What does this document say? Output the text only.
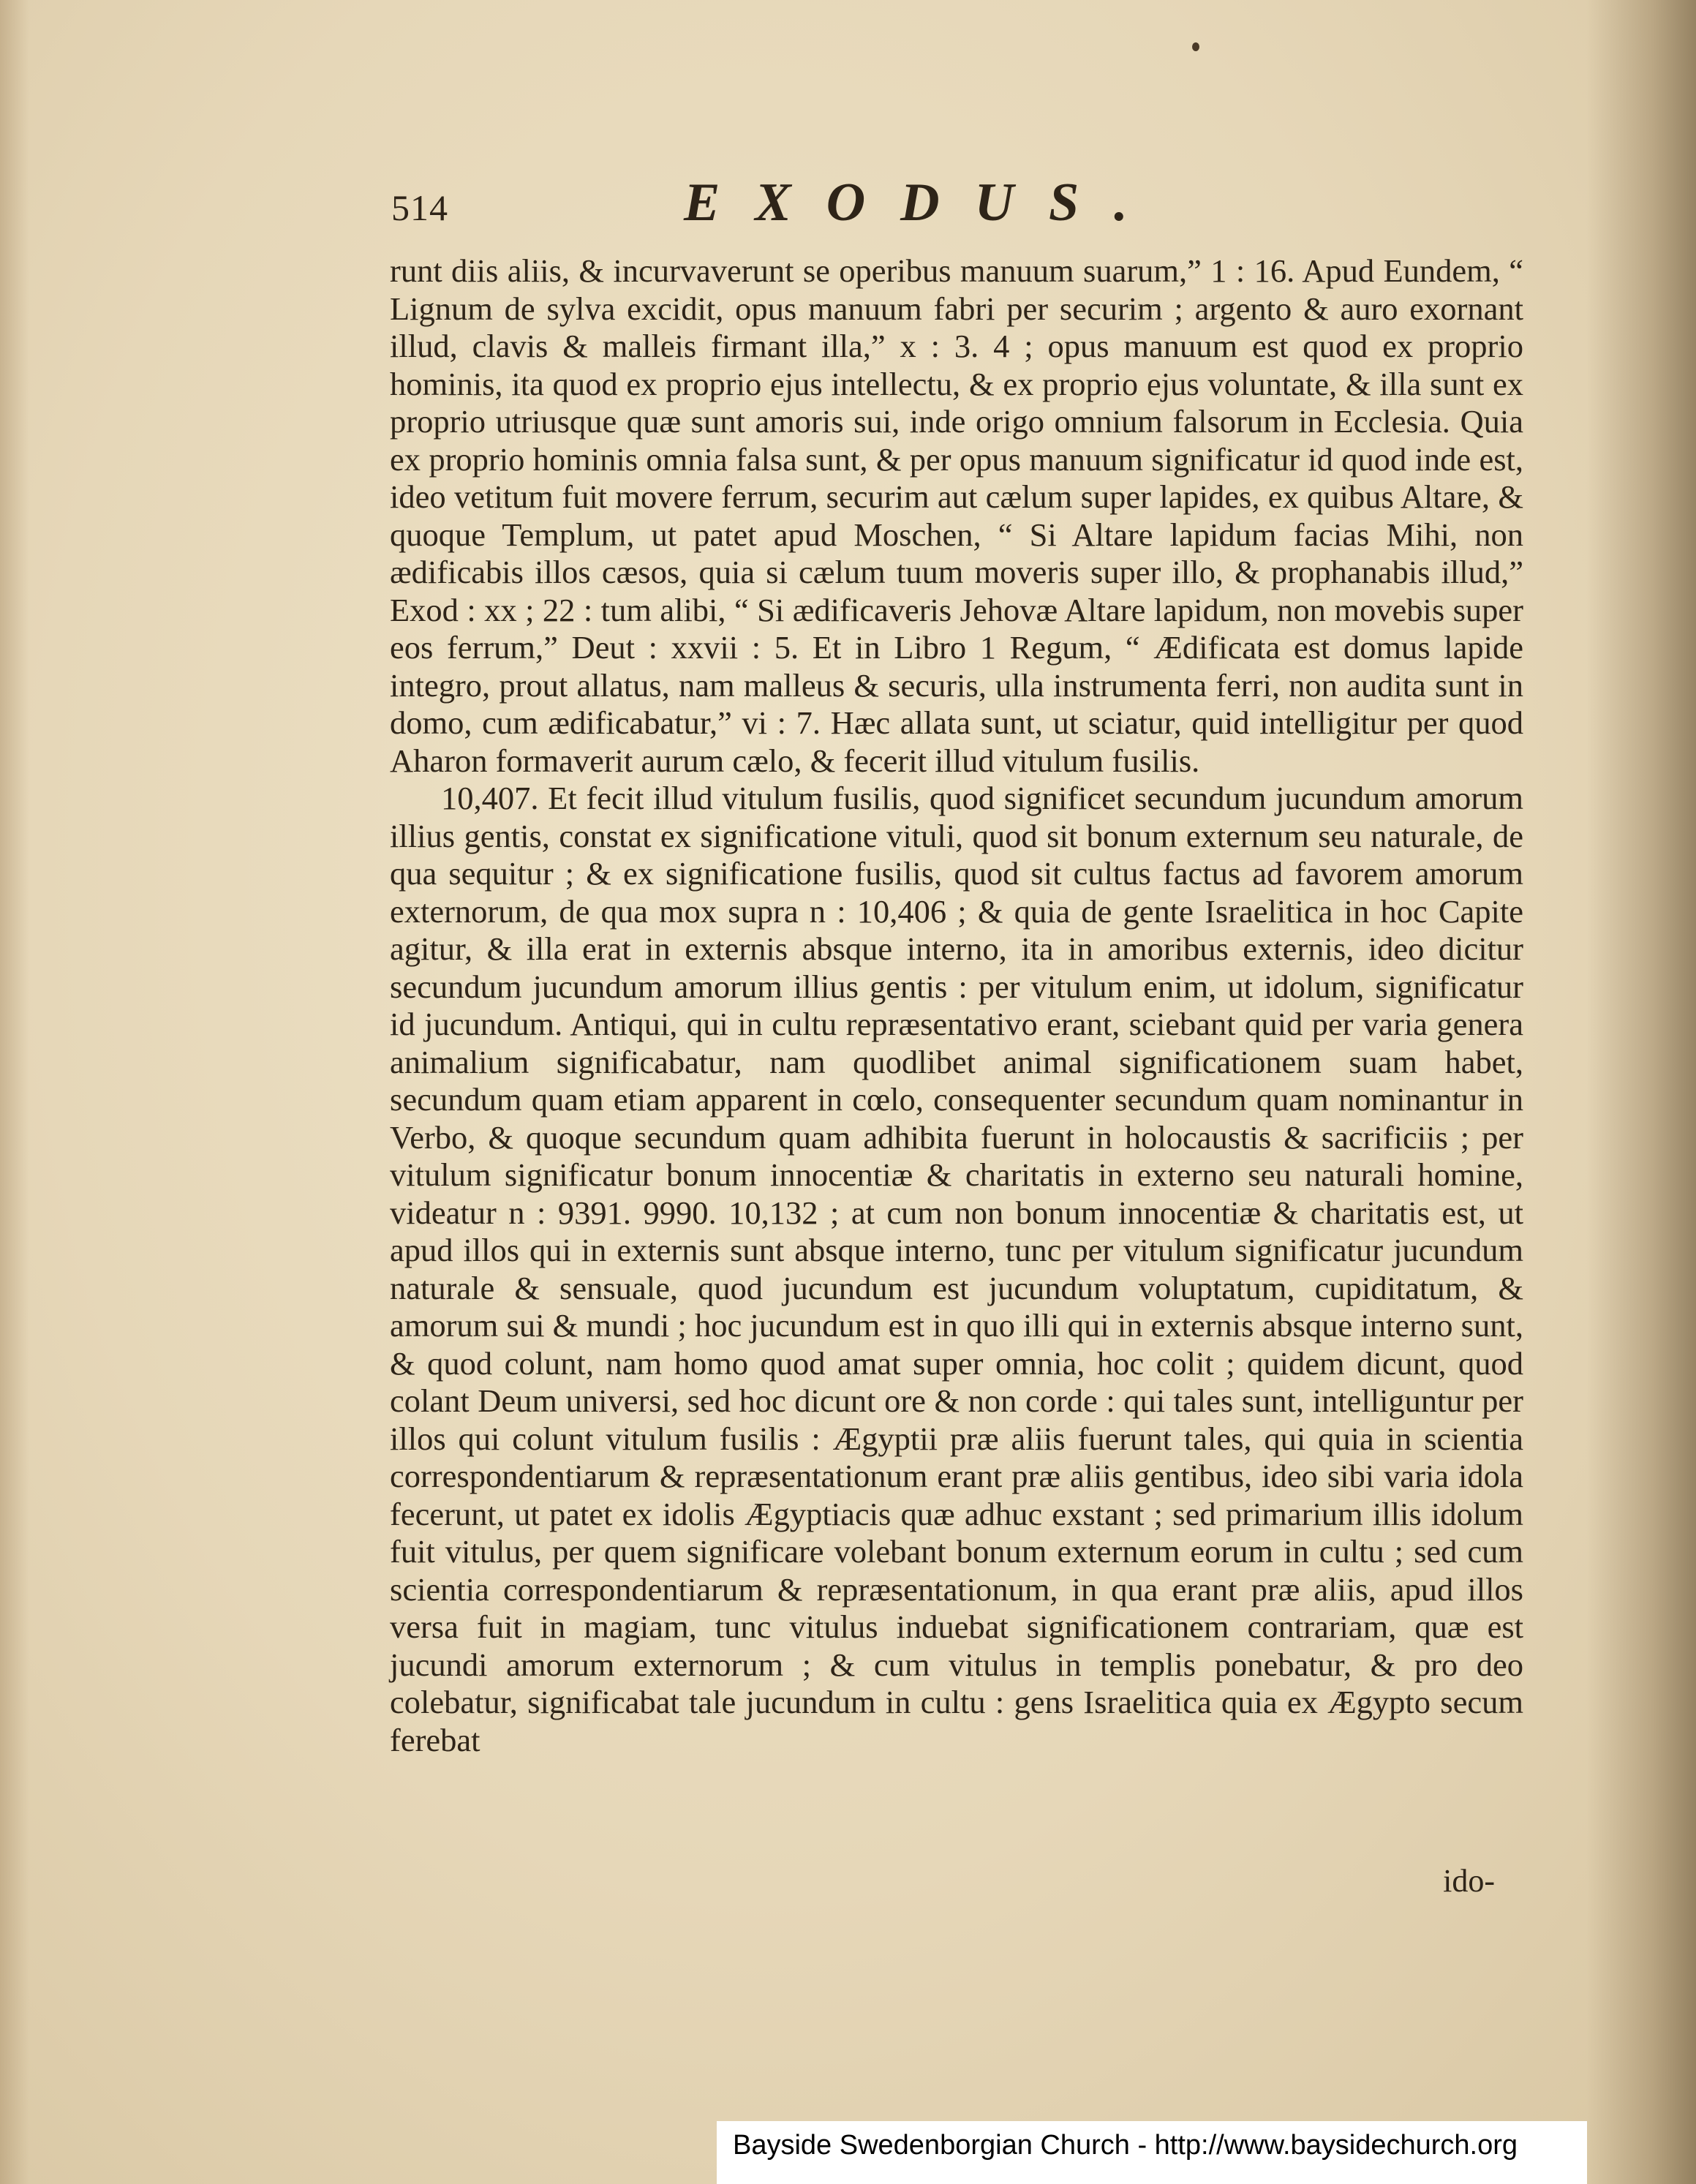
514	EXODUS.

runt diis aliis, & incurvaverunt se operibus manuum suarum,” 1 : 16. Apud Eundem, “ Lignum de sylva excidit, opus manuum fabri per securim ; argento & auro exornant illud, clavis & malleis firmant illa,” x : 3. 4 ; opus manuum est quod ex proprio hominis, ita quod ex proprio ejus intellectu, & ex proprio ejus voluntate, & illa sunt ex proprio utriusque quæ sunt amoris sui, inde origo omnium falsorum in Ecclesia. Quia ex proprio hominis omnia falsa sunt, & per opus manuum significatur id quod inde est, ideo vetitum fuit movere ferrum, securim aut cælum super lapides, ex quibus Altare, & quoque Templum, ut patet apud Moschen, “ Si Altare lapidum facias Mihi, non ædificabis illos cæsos, quia si cælum tuum moveris super illo, & prophanabis illud,” Exod : xx ; 22 : tum alibi, “ Si ædificaveris Jehovæ Altare lapidum, non movebis super eos ferrum,” Deut : xxvii : 5. Et in Libro 1 Regum, “ Ædificata est domus lapide integro, prout allatus, nam malleus & securis, ulla instrumenta ferri, non audita sunt in domo, cum ædificabatur,” vi : 7. Hæc allata sunt, ut sciatur, quid intelligitur per quod Aharon formaverit aurum cælo, & fecerit illud vitulum fusilis.

10,407. Et fecit illud vitulum fusilis, quod significet secundum jucundum amorum illius gentis, constat ex significatione vituli, quod sit bonum externum seu naturale, de qua sequitur ; & ex significatione fusilis, quod sit cultus factus ad favorem amorum externorum, de qua mox supra n : 10,406 ; & quia de gente Israelitica in hoc Capite agitur, & illa erat in externis absque interno, ita in amoribus externis, ideo dicitur secundum jucundum amorum illius gentis : per vitulum enim, ut idolum, significatur id jucundum. Antiqui, qui in cultu repræsentativo erant, sciebant quid per varia genera animalium significabatur, nam quodlibet animal significationem suam habet, secundum quam etiam apparent in cœlo, consequenter secundum quam nominantur in Verbo, & quoque secundum quam adhibita fuerunt in holocaustis & sacrificiis ; per vitulum significatur bonum innocentiæ & charitatis in externo seu naturali homine, videatur n : 9391. 9990. 10,132 ; at cum non bonum innocentiæ & charitatis est, ut apud illos qui in externis sunt absque interno, tunc per vitulum significatur jucundum naturale & sensuale, quod jucundum est jucundum voluptatum, cupiditatum, & amorum sui & mundi ; hoc jucundum est in quo illi qui in externis absque interno sunt, & quod colunt, nam homo quod amat super omnia, hoc colit ; quidem dicunt, quod colant Deum universi, sed hoc dicunt ore & non corde : qui tales sunt, intelliguntur per illos qui colunt vitulum fusilis : Ægyptii præ aliis fuerunt tales, qui quia in scientia correspondentiarum & repræsentationum erant præ aliis gentibus, ideo sibi varia idola fecerunt, ut patet ex idolis Ægyptiacis quæ adhuc exstant ; sed primarium illis idolum fuit vitulus, per quem significare volebant bonum externum eorum in cultu ; sed cum scientia correspondentiarum & repræsentationum, in qua erant præ aliis, apud illos versa fuit in magiam, tunc vitulus induebat significationem contrariam, quæ est jucundi amorum externorum ; & cum vitulus in templis ponebatur, & pro deo colebatur, significabat tale jucundum in cultu : gens Israelitica quia ex Ægypto secum ferebat

ido-
Bayside Swedenborgian Church - http://www.baysidechurch.org
